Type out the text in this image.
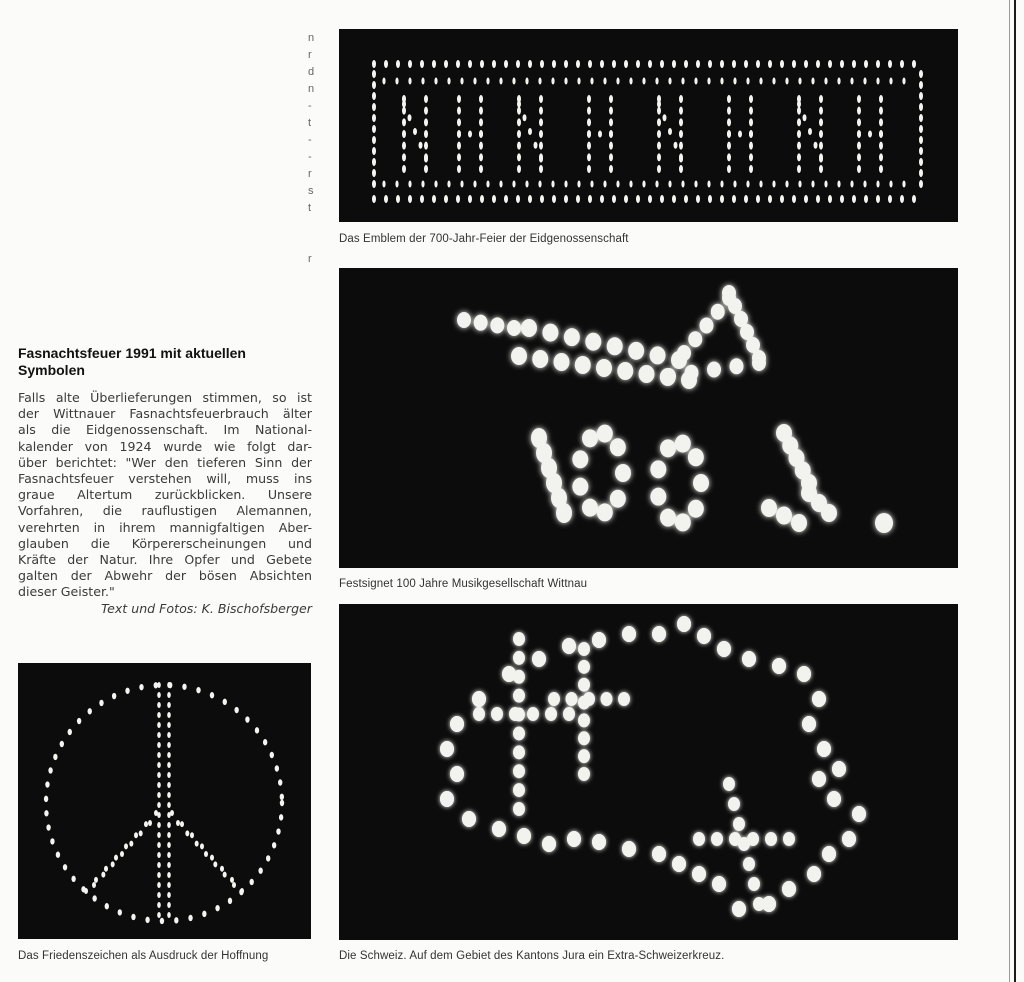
n
r
d
n
-
t
-
-
r
s
t

r
Das Emblem der 700-Jahr-Feier der Eidgenossenschaft
Festsignet 100 Jahre Musikgesellschaft Wittnau
Fasnachtsfeuer 1991 mit aktuellen Symbolen
Falls alte Überlieferungen stimmen, so ist
der Wittnauer Fasnachtsfeuerbrauch älter
als die Eidgenossenschaft. Im National-
kalender von 1924 wurde wie folgt dar-
über berichtet: "Wer den tieferen Sinn der
Fasnachtsfeuer verstehen will, muss ins
graue Altertum zurückblicken. Unsere
Vorfahren, die rauflustigen Alemannen,
verehrten in ihrem mannigfaltigen Aber-
glauben die Körpererscheinungen und
Kräfte der Natur. Ihre Opfer und Gebete
galten der Abwehr der bösen Absichten
dieser Geister."
Text und Fotos: K. Bischofsberger
Das Friedenszeichen als Ausdruck der Hoffnung	Die Schweiz. Auf dem Gebiet des Kantons Jura ein Extra-Schweizerkreuz.
